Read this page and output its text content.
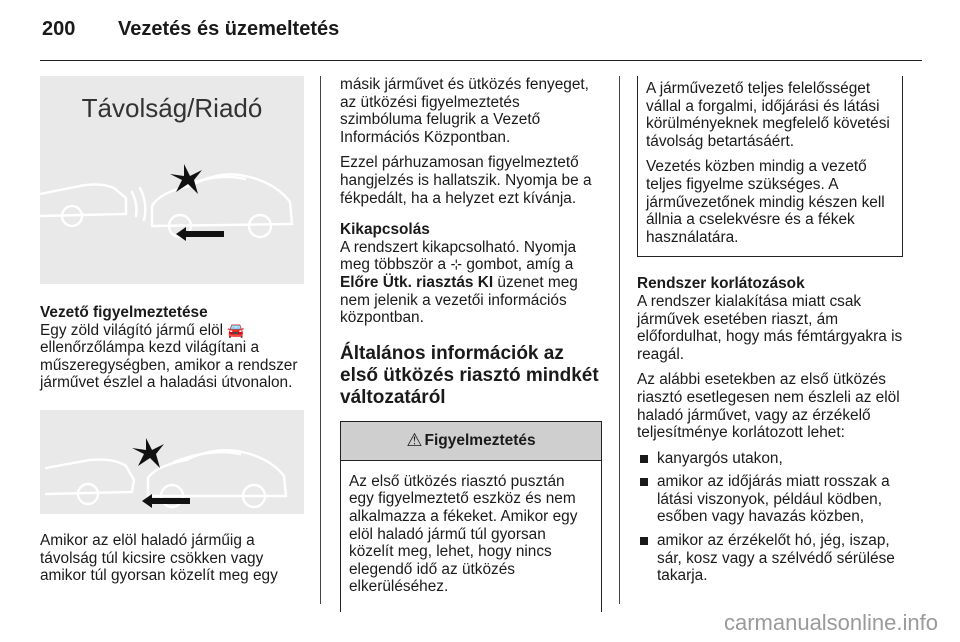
200	Vezetés és üzemeltetés
Távolság/Riadó

Vezető figyelmeztetése

Egy zöld világító jármű elöl 🚘 ellenőrzőlámpa kezd világítani a műszeregységben, amikor a rendszer járművet észlel a haladási útvonalon.

Amikor az elöl haladó járműig a távolság túl kicsire csökken vagy amikor túl gyorsan közelít meg egy

másik járművet és ütközés fenyeget, az ütközési figyelmeztetés szimbóluma felugrik a Vezető Információs Központban.

Ezzel párhuzamosan figyelmeztető hangjelzés is hallatszik. Nyomja be a fékpedált, ha a helyzet ezt kívánja.

Kikapcsolás

A rendszert kikapcsolható. Nyomja meg többször a ⊹ gombot, amíg a Előre Ütk. riasztás KI üzenet meg nem jelenik a vezetői információs központban.

Általános információk az első ütközés riasztó mindkét változatáról
⚠ Figyelmeztetés

Az első ütközés riasztó pusztán egy figyelmeztető eszköz és nem alkalmazza a fékeket. Amikor egy elöl haladó jármű túl gyorsan közelít meg, lehet, hogy nincs elegendő idő az ütközés elkerüléséhez.

A járművezető teljes felelősséget vállal a forgalmi, időjárási és látási körülményeknek megfelelő követési távolság betartásáért.

Vezetés közben mindig a vezető teljes figyelme szükséges. A járművezetőnek mindig készen kell állnia a cselekvésre és a fékek használatára.

Rendszer korlátozások

A rendszer kialakítása miatt csak járművek esetében riaszt, ám előfordulhat, hogy más fémtárgyakra is reagál.

Az alábbi esetekben az első ütközés riasztó esetlegesen nem észleli az elöl haladó járművet, vagy az érzékelő teljesítménye korlátozott lehet:

kanyargós utakon,
amikor az időjárás miatt rosszak a látási viszonyok, például ködben, esőben vagy havazás közben,
amikor az érzékelőt hó, jég, iszap, sár, kosz vagy a szélvédő sérülése takarja.
carmanualsonline.info
